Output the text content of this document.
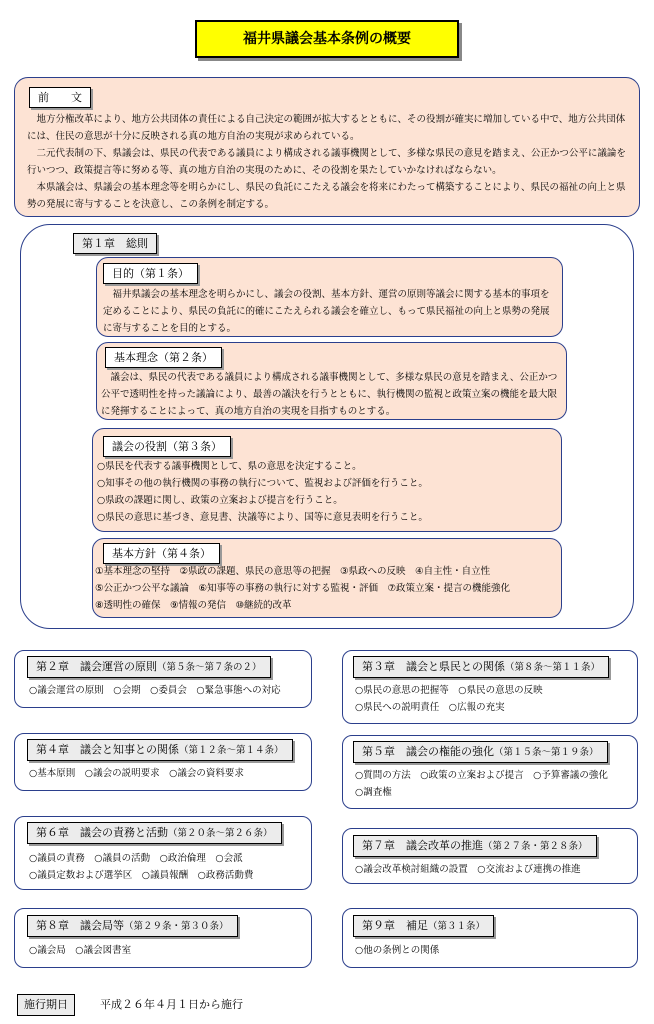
福井県議会基本条例の概要
前　　文

地方分権改革により、地方公共団体の責任による自己決定の範囲が拡大するとともに、その役割が確実に増加している中で、地方公共団体には、住民の意思が十分に反映される真の地方自治の実現が求められている。

二元代表制の下、県議会は、県民の代表である議員により構成される議事機関として、多様な県民の意見を踏まえ、公正かつ公平に議論を行いつつ、政策提言等に努める等、真の地方自治の実現のために、その役割を果たしていかなければならない。

本県議会は、県議会の基本理念等を明らかにし、県民の負託にこたえる議会を将来にわたって構築することにより、県民の福祉の向上と県勢の発展に寄与することを決意し、この条例を制定する。

第１章　総則
目的（第１条）

福井県議会の基本理念を明らかにし、議会の役割、基本方針、運営の原則等議会に関する基本的事項を定めることにより、県民の負託に的確にこたえられる議会を確立し、もって県民福祉の向上と県勢の発展に寄与することを目的とする。

基本理念（第２条）

議会は、県民の代表である議員により構成される議事機関として、多様な県民の意見を踏まえ、公正かつ公平で透明性を持った議論により、最善の議決を行うとともに、執行機関の監視と政策立案の機能を最大限に発揮することによって、真の地方自治の実現を目指すものとする。

議会の役割（第３条）
○県民を代表する議事機関として、県の意思を決定すること。
○知事その他の執行機関の事務の執行について、監視および評価を行うこと。
○県政の課題に関し、政策の立案および提言を行うこと。
○県民の意思に基づき、意見書、決議等により、国等に意見表明を行うこと。
基本方針（第４条）
①基本理念の堅持　②県政の課題、県民の意思等の把握　③県政への反映　④自主性・自立性
⑤公正かつ公平な議論　⑥知事等の事務の執行に対する監視・評価　⑦政策立案・提言の機能強化
⑧透明性の確保　⑨情報の発信　⑩継続的改革
第２章　議会運営の原則（第５条〜第７条の２）
○議会運営の原則　○会期　○委員会　○緊急事態への対応
第３章　議会と県民との関係（第８条〜第１１条）
○県民の意思の把握等　○県民の意思の反映
○県民への説明責任　○広報の充実
第４章　議会と知事との関係（第１２条〜第１４条）
○基本原則　○議会の説明要求　○議会の資料要求
第５章　議会の権能の強化（第１５条〜第１９条）
○質問の方法　○政策の立案および提言　○予算審議の強化
○調査権
第６章　議会の責務と活動（第２０条〜第２６条）
○議員の責務　○議員の活動　○政治倫理　○会派
○議員定数および選挙区　○議員報酬　○政務活動費
第７章　議会改革の推進（第２７条・第２８条）
○議会改革検討組織の設置　○交流および連携の推進
第８章　議会局等（第２９条・第３０条）
○議会局　○議会図書室
第９章　補足（第３１条）
○他の条例との関係
施行期日	平成２６年４月１日から施行
